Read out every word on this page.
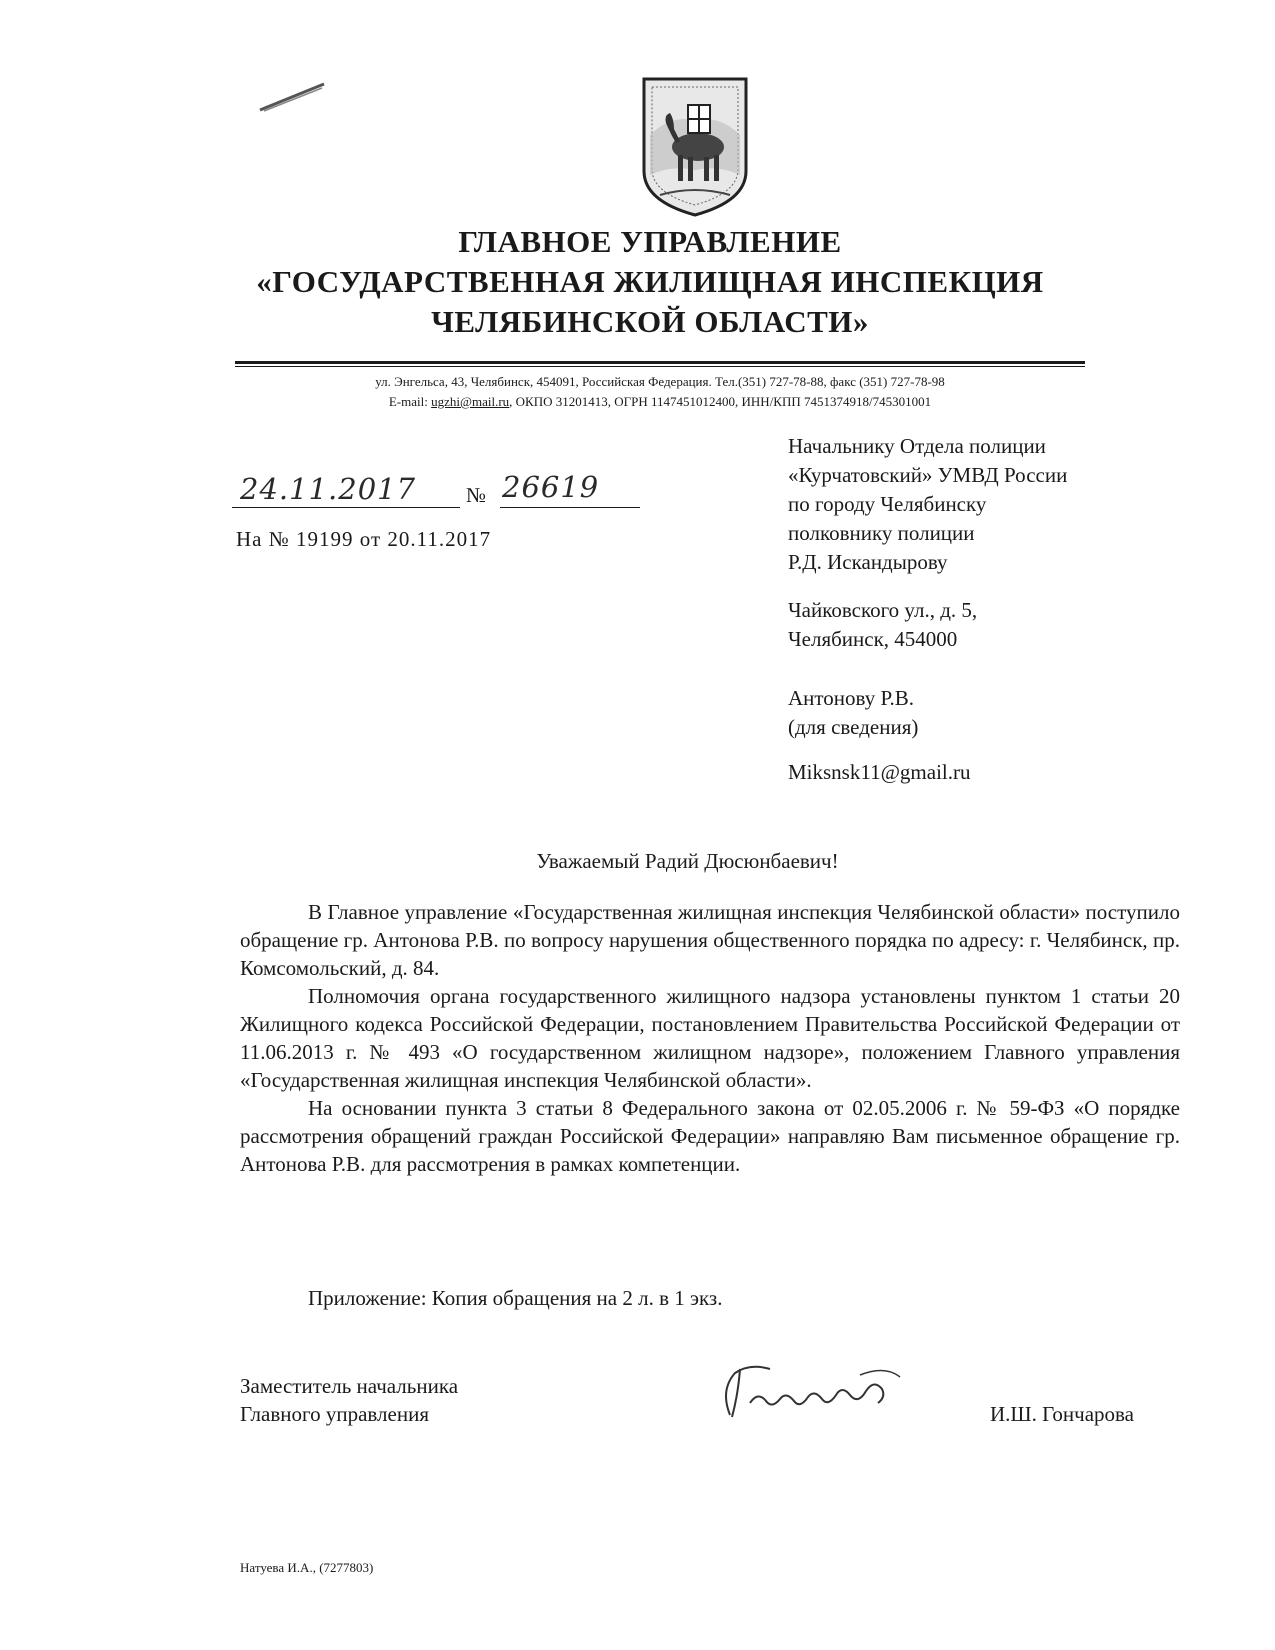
ГЛАВНОЕ УПРАВЛЕНИЕ
«ГОСУДАРСТВЕННАЯ ЖИЛИЩНАЯ ИНСПЕКЦИЯ
ЧЕЛЯБИНСКОЙ ОБЛАСТИ»
ул. Энгельса, 43, Челябинск, 454091, Российская Федерация. Тел.(351) 727-78-88, факс (351) 727-78-98
E-mail: ugzhi@mail.ru, ОКПО 31201413, ОГРН 1147451012400, ИНН/КПП 7451374918/745301001
24.11.2017 № 26619
На № 19199 от 20.11.2017
Начальнику Отдела полиции
«Курчатовский» УМВД России
по городу Челябинску
полковнику полиции
Р.Д. Искандырову
Чайковского ул., д. 5,
Челябинск, 454000
Антонову Р.В.
(для сведения)
Miksnsk11@gmail.ru
Уважаемый Радий Дюсюнбаевич!

В Главное управление «Государственная жилищная инспекция Челябинской области» поступило обращение гр. Антонова Р.В. по вопросу нарушения общественного порядка по адресу: г. Челябинск, пр. Комсомольский, д. 84.

Полномочия органа государственного жилищного надзора установлены пунктом 1 статьи 20 Жилищного кодекса Российской Федерации, постановлением Правительства Российской Федерации от 11.06.2013 г. № 493 «О государственном жилищном надзоре», положением Главного управления «Государственная жилищная инспекция Челябинской области».

На основании пункта 3 статьи 8 Федерального закона от 02.05.2006 г. № 59-ФЗ «О порядке рассмотрения обращений граждан Российской Федерации» направляю Вам письменное обращение гр. Антонова Р.В. для рассмотрения в рамках компетенции.

Приложение: Копия обращения на 2 л. в 1 экз.
Заместитель начальника
Главного управления	И.Ш. Гончарова
Натуева И.А., (7277803)
